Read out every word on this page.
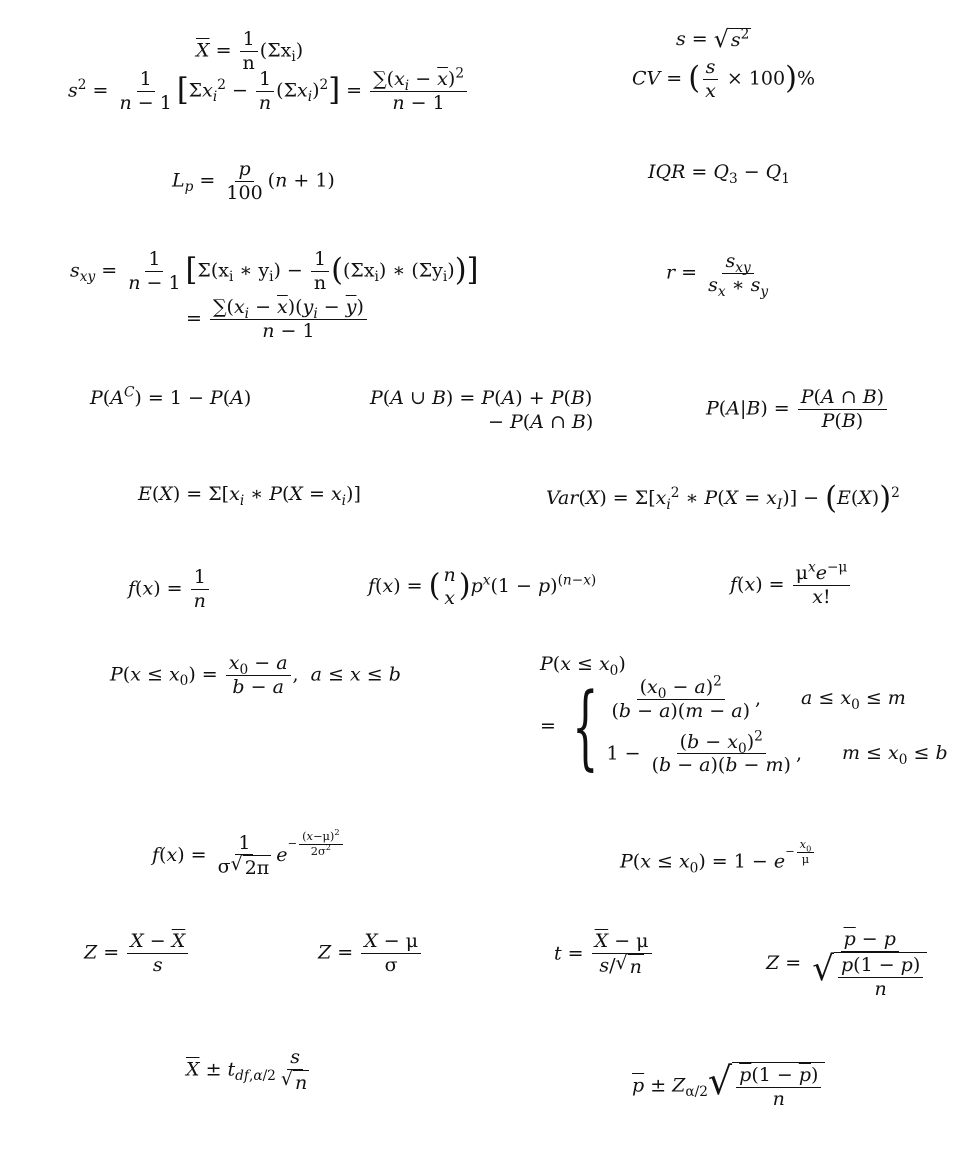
$\overline{X} = \frac{1}{n} (\Sigma x_i)$
$s^2 = \frac{1}{n - 1} [\Sigma x_i^2 - \frac{1}{n} (\Sigma x_i)^2] = \frac{\sum(x_i - \overline{x})^2}{n - 1}$
s = √ $s^2$
CV = ( $\frac{s}{x} \times 100)\%$
$L_p = \frac{p}{100} (n + 1)$	IQR = $Q_3 - Q_1$
$s_{xy} = \frac{1}{n - 1} [\Sigma(x_i$ ∗ $y_i) - \frac{1}{n} ((\Sigma x_i)$ ∗ $(\Sigma y_i)$)]
= $\frac{\sum(x_i - \overline{x})(y_i - \overline{y})}{n - 1}$
$r = \frac{s_{xy}}{s_x ∗ s_y}$
$P(A^C) = 1 - P(A)$	P(A ∪ B) = P(A) + P(B)
− P(A ∩ B)
$P(A|B) = \frac{P(A \cap B)}{P(B)}$
$E(X) = \Sigma[x_i$ ∗ $P(X = x_i)$]	$Var(X) = \Sigma[x_i^2$ ∗ $P(X = x_I)] - (E(X))^2$
$f(x) = \frac{1}{n}$	f(x) = ( n
x )$p^x(1 - p)^{(n-x)}$	$f(x) = \frac{\mu^xe^{-\mu}}{x!}$
$P(x \le x_0) = \frac{x_0 - a}{b - a}$ ,  a ≤ x ≤ b	$P(x \le x_0)$
= { $\frac{(x_0 - a)^2}{(b - a)(m - a)}$ , $a \le x_0 \le m$
$1 - \frac{(b - x_0)^2}{(b - a)(b - m)}$ , $m \le x_0 \le b$
$f(x) = \frac{1}{\sigma √ 2\pi} e^{- \frac{(x-\mu)^2}{2\sigma^2}}$
$P(x \le x_0) = 1 - e^{- \frac{x_0}{\mu}}$
$Z = \frac{X - \overline{X}}{s}$	$Z = \frac{X - \mu}{\sigma}$	$t = \frac{\overline{X} - \mu}{s/ √ n}$	$Z = \frac{\overline{p} - p}{√ \frac{p(1 - p)}{n}}$
$\overline{X} \pm t_{df,\alpha/2} \frac{s}{√ n}$	$\overline{p} \pm Z_{\alpha/2}$ √ $\frac{p(1 - \overline{p})}{n}$
